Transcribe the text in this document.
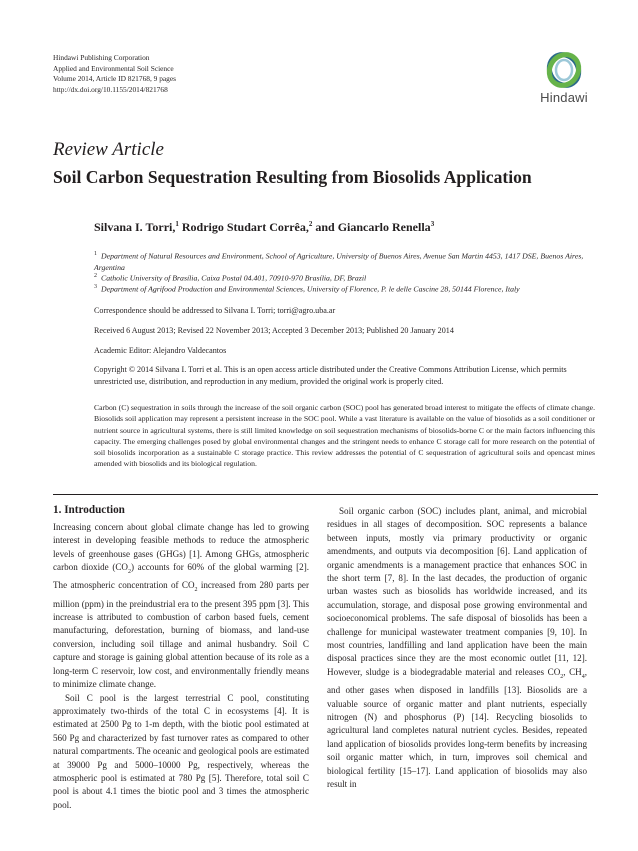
Hindawi Publishing Corporation
Applied and Environmental Soil Science
Volume 2014, Article ID 821768, 9 pages
http://dx.doi.org/10.1155/2014/821768
Hindawi
Review Article
Soil Carbon Sequestration Resulting from Biosolids Application
Silvana I. Torri,$^1$ Rodrigo Studart Corrêa,$^2$ and Giancarlo Renella$^3$
$^1$ Department of Natural Resources and Environment, School of Agriculture, University of Buenos Aires, Avenue San Martin 4453, 1417 DSE, Buenos Aires, Argentina
$^2$ Catholic University of Brasília, Caixa Postal 04.401, 70910-970 Brasília, DF, Brazil
$^3$ Department of Agrifood Production and Environmental Sciences, University of Florence, P. le delle Cascine 28, 50144 Florence, Italy
Correspondence should be addressed to Silvana I. Torri; torri@agro.uba.ar
Received 6 August 2013; Revised 22 November 2013; Accepted 3 December 2013; Published 20 January 2014
Academic Editor: Alejandro Valdecantos
Copyright © 2014 Silvana I. Torri et al. This is an open access article distributed under the Creative Commons Attribution License, which permits unrestricted use, distribution, and reproduction in any medium, provided the original work is properly cited.
Carbon (C) sequestration in soils through the increase of the soil organic carbon (SOC) pool has generated broad interest to mitigate the effects of climate change. Biosolids soil application may represent a persistent increase in the SOC pool. While a vast literature is available on the value of biosolids as a soil conditioner or nutrient source in agricultural systems, there is still limited knowledge on soil sequestration mechanisms of biosolids-borne C or the main factors influencing this capacity. The emerging challenges posed by global environmental changes and the stringent needs to enhance C storage call for more research on the potential of soil biosolids incorporation as a sustainable C storage practice. This review addresses the potential of C sequestration of agricultural soils and opencast mines amended with biosolids and its biological regulation.
1. Introduction

Increasing concern about global climate change has led to growing interest in developing feasible methods to reduce the atmospheric levels of greenhouse gases (GHGs) [1]. Among GHGs, atmospheric carbon dioxide $(CO_2)$ accounts for 60% of the global warming [2]. The atmospheric concentration of $CO_2$ increased from 280 parts per million (ppm) in the preindustrial era to the present 395 ppm [3]. This increase is attributed to combustion of carbon based fuels, cement manufacturing, deforestation, burning of biomass, and land-use conversion, including soil tillage and animal husbandry. Soil C capture and storage is gaining global attention because of its role as a long-term C reservoir, low cost, and environmentally friendly means to minimize climate change.

Soil C pool is the largest terrestrial C pool, constituting approximately two-thirds of the total C in ecosystems [4]. It is estimated at 2500 Pg to 1-m depth, with the biotic pool estimated at 560 Pg and characterized by fast turnover rates as compared to other natural compartments. The oceanic and geological pools are estimated at 39000 Pg and 5000–10000 Pg, respectively, whereas the atmospheric pool is estimated at 780 Pg [5]. Therefore, total soil C pool is about 4.1 times the biotic pool and 3 times the atmospheric pool.

Soil organic carbon (SOC) includes plant, animal, and microbial residues in all stages of decomposition. SOC represents a balance between inputs, mostly via primary productivity or organic amendments, and outputs via decomposition [6]. Land application of organic amendments is a management practice that enhances SOC in the short term [7, 8]. In the last decades, the production of organic urban wastes such as biosolids has worldwide increased, and its accumulation, storage, and disposal pose growing environmental and socioeconomical problems. The safe disposal of biosolids has been a challenge for municipal wastewater treatment companies [9, 10]. In most countries, landfilling and land application have been the main disposal practices since they are the most economic outlet [11, 12]. However, sludge is a biodegradable material and releases $CO_2$, $CH_4$, and other gases when disposed in landfills [13]. Biosolids are a valuable source of organic matter and plant nutrients, especially nitrogen (N) and phosphorus (P) [14]. Recycling biosolids to agricultural land completes natural nutrient cycles. Besides, repeated land application of biosolids provides long-term benefits by increasing soil organic matter which, in turn, improves soil chemical and biological fertility [15–17]. Land application of biosolids may also result in
